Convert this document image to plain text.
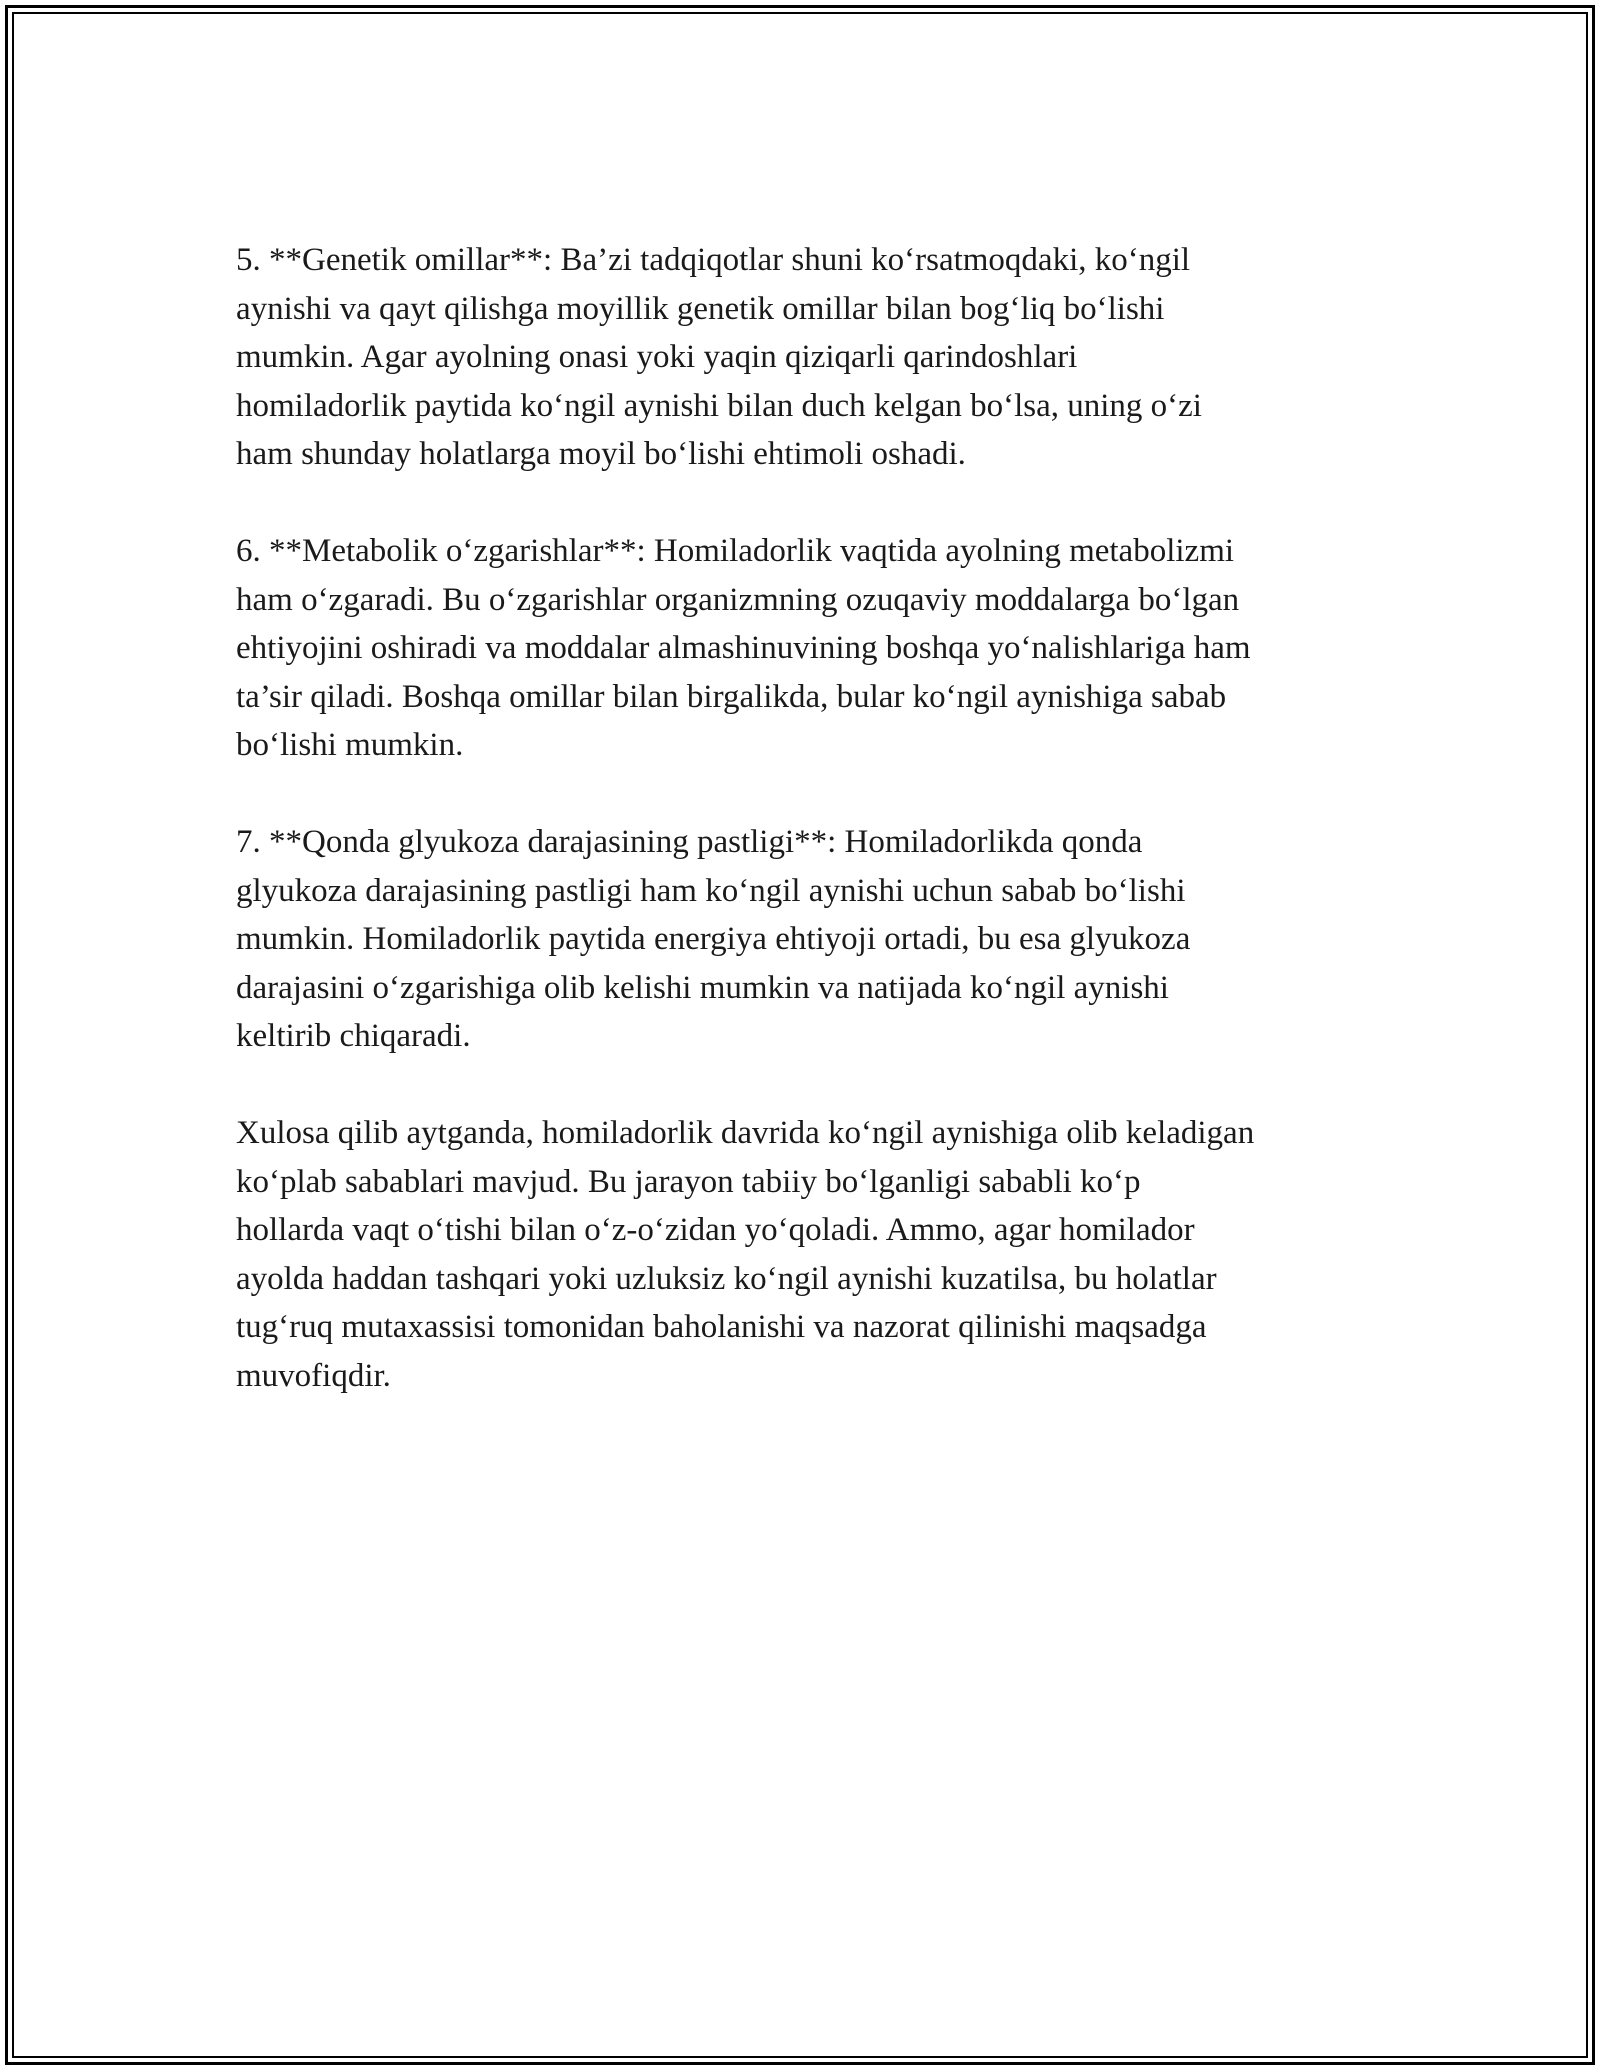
5. **Genetik omillar**: Ba’zi tadqiqotlar shuni ko‘rsatmoqdaki, ko‘ngil
aynishi va qayt qilishga moyillik genetik omillar bilan bog‘liq bo‘lishi
mumkin. Agar ayolning onasi yoki yaqin qiziqarli qarindoshlari
homiladorlik paytida ko‘ngil aynishi bilan duch kelgan bo‘lsa, uning o‘zi
ham shunday holatlarga moyil bo‘lishi ehtimoli oshadi.

6. **Metabolik o‘zgarishlar**: Homiladorlik vaqtida ayolning metabolizmi
ham o‘zgaradi. Bu o‘zgarishlar organizmning ozuqaviy moddalarga bo‘lgan
ehtiyojini oshiradi va moddalar almashinuvining boshqa yo‘nalishlariga ham
ta’sir qiladi. Boshqa omillar bilan birgalikda, bular ko‘ngil aynishiga sabab
bo‘lishi mumkin.

7. **Qonda glyukoza darajasining pastligi**: Homiladorlikda qonda
glyukoza darajasining pastligi ham ko‘ngil aynishi uchun sabab bo‘lishi
mumkin. Homiladorlik paytida energiya ehtiyoji ortadi, bu esa glyukoza
darajasini o‘zgarishiga olib kelishi mumkin va natijada ko‘ngil aynishi
keltirib chiqaradi.

Xulosa qilib aytganda, homiladorlik davrida ko‘ngil aynishiga olib keladigan
ko‘plab sabablari mavjud. Bu jarayon tabiiy bo‘lganligi sababli ko‘p
hollarda vaqt o‘tishi bilan o‘z-o‘zidan yo‘qoladi. Ammo, agar homilador
ayolda haddan tashqari yoki uzluksiz ko‘ngil aynishi kuzatilsa, bu holatlar
tug‘ruq mutaxassisi tomonidan baholanishi va nazorat qilinishi maqsadga
muvofiqdir.
